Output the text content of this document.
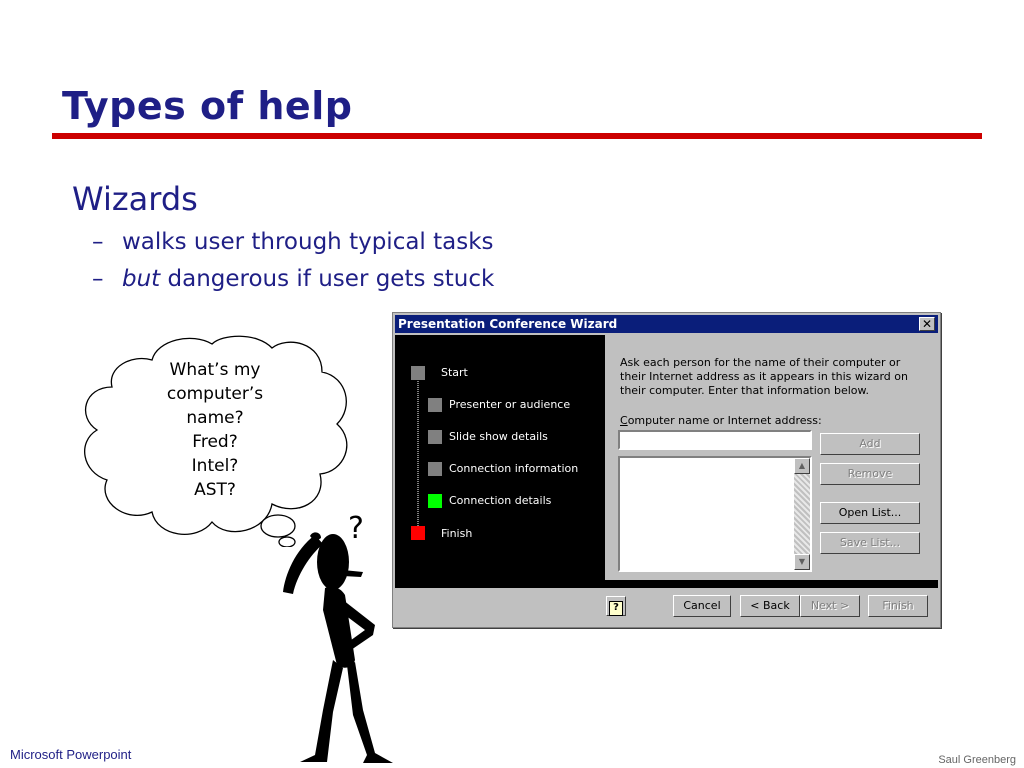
Types of help
Wizards
– walks user through typical tasks
– but dangerous if user gets stuck
What’s my
computer’s
name?
Fred?
Intel?
AST?
?
Presentation Conference Wizard	✕
Start
Presenter or audience
Slide show details
Connection information
Connection details
Finish
Ask each person for the name of their computer or their Internet address as it appears in this wizard on their computer. Enter that information below.
Computer name or Internet address:
▲
▼
Add
Remove
Open List...
Save List...
?	Cancel	< Back	Next >	Finish
Microsoft Powerpoint	Saul Greenberg
